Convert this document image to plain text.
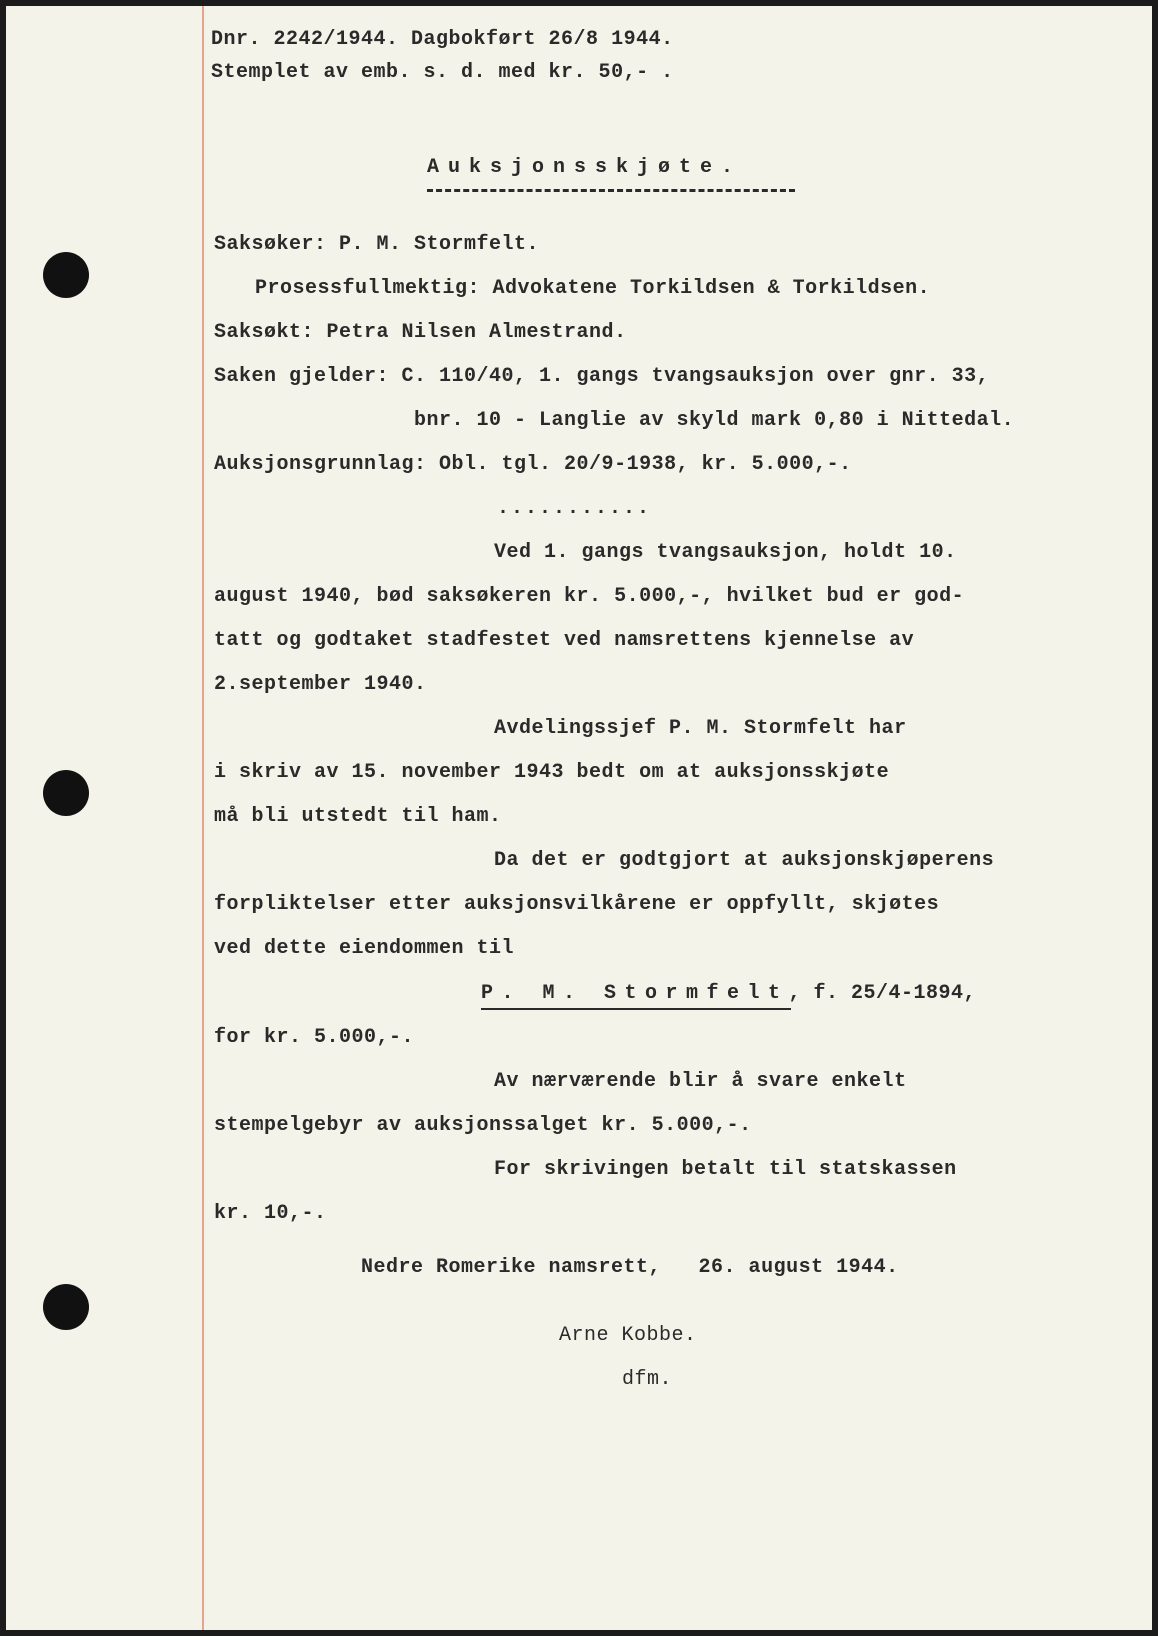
Dnr. 2242/1944. Dagbokført 26/8 1944.
Stemplet av emb. s. d. med kr. 50,- .
Auksjonsskjøte.
Saksøker: P. M. Stormfelt.
Prosessfullmektig: Advokatene Torkildsen & Torkildsen.
Saksøkt: Petra Nilsen Almestrand.
Saken gjelder: C. 110/40, 1. gangs tvangsauksjon over gnr. 33,
bnr. 10 - Langlie av skyld mark 0,80 i Nittedal.
Auksjonsgrunnlag: Obl. tgl. 20/9-1938, kr. 5.000,-.
...........
Ved 1. gangs tvangsauksjon, holdt 10.
august 1940, bød saksøkeren kr. 5.000,-, hvilket bud er god-
tatt og godtaket stadfestet ved namsrettens kjennelse av
2.september 1940.
Avdelingssjef P. M. Stormfelt har
i skriv av 15. november 1943 bedt om at auksjonsskjøte
må bli utstedt til ham.
Da det er godtgjort at auksjonskjøperens
forpliktelser etter auksjonsvilkårene er oppfyllt, skjøtes
ved dette eiendommen til
P. M. Stormfelt, f. 25/4-1894,
for kr. 5.000,-.
Av nærværende blir å svare enkelt
stempelgebyr av auksjonssalget kr. 5.000,-.
For skrivingen betalt til statskassen
kr. 10,-.
Nedre Romerike namsrett,   26. august 1944.
Arne Kobbe.
dfm.
